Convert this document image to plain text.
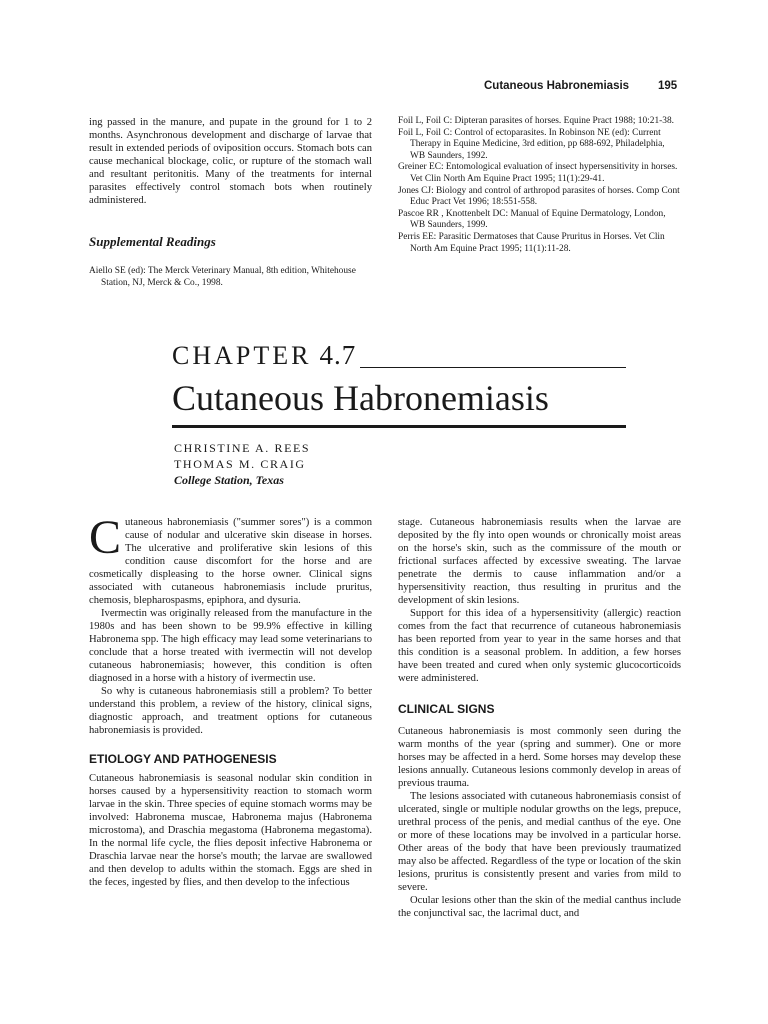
Cutaneous Habronemiasis	195

ing passed in the manure, and pupate in the ground for 1 to 2 months. Asynchronous development and discharge of larvae that result in extended periods of oviposition occurs. Stomach bots can cause mechanical blockage, colic, or rupture of the stomach wall and resultant peritonitis. Many of the treatments for internal parasites effectively control stomach bots when routinely administered.

Supplemental Readings

Aiello SE (ed): The Merck Veterinary Manual, 8th edition, Whitehouse Station, NJ, Merck & Co., 1998.

Foil L, Foil C: Dipteran parasites of horses. Equine Pract 1988; 10:21-38.

Foil L, Foil C: Control of ectoparasites. In Robinson NE (ed): Current Therapy in Equine Medicine, 3rd edition, pp 688-692, Philadelphia, WB Saunders, 1992.

Greiner EC: Entomological evaluation of insect hypersensitivity in horses. Vet Clin North Am Equine Pract 1995; 11(1):29-41.

Jones CJ: Biology and control of arthropod parasites of horses. Comp Cont Educ Pract Vet 1996; 18:551-558.

Pascoe RR , Knottenbelt DC: Manual of Equine Dermatology, London, WB Saunders, 1999.

Perris EE: Parasitic Dermatoses that Cause Pruritus in Horses. Vet Clin North Am Equine Pract 1995; 11(1):11-28.

CHAPTER 4.7
Cutaneous Habronemiasis
CHRISTINE A. REES
THOMAS M. CRAIG
College Station, Texas

Cutaneous habronemiasis ("summer sores") is a common cause of nodular and ulcerative skin disease in horses. The ulcerative and proliferative skin lesions of this condition cause discomfort for the horse and are cosmetically displeasing to the horse owner. Clinical signs associated with cutaneous habronemiasis include pruritus, chemosis, blepharospasms, epiphora, and dysuria.

Ivermectin was originally released from the manufacture in the 1980s and has been shown to be 99.9% effective in killing Habronema spp. The high efficacy may lead some veterinarians to conclude that a horse treated with ivermectin will not develop cutaneous habronemiasis; however, this condition is often diagnosed in a horse with a history of ivermectin use.

So why is cutaneous habronemiasis still a problem? To better understand this problem, a review of the history, clinical signs, diagnostic approach, and treatment options for cutaneous habronemiasis is provided.

ETIOLOGY AND PATHOGENESIS

Cutaneous habronemiasis is seasonal nodular skin condition in horses caused by a hypersensitivity reaction to stomach worm larvae in the skin. Three species of equine stomach worms may be involved: Habronema muscae, Habronema majus (Habronema microstoma), and Draschia megastoma (Habronema megastoma). In the normal life cycle, the flies deposit infective Habronema or Draschia larvae near the horse's mouth; the larvae are swallowed and then develop to adults within the stomach. Eggs are shed in the feces, ingested by flies, and then develop to the infectious

stage. Cutaneous habronemiasis results when the larvae are deposited by the fly into open wounds or chronically moist areas on the horse's skin, such as the commissure of the mouth or frictional surfaces affected by excessive sweating. The larvae penetrate the dermis to cause inflammation and/or a hypersensitivity reaction, thus resulting in pruritus and the development of skin lesions.

Support for this idea of a hypersensitivity (allergic) reaction comes from the fact that recurrence of cutaneous habronemiasis has been reported from year to year in the same horses and that this condition is a seasonal problem. In addition, a few horses have been treated and cured when only systemic glucocorticoids were administered.

CLINICAL SIGNS

Cutaneous habronemiasis is most commonly seen during the warm months of the year (spring and summer). One or more horses may be affected in a herd. Some horses may develop these lesions annually. Cutaneous lesions commonly develop in areas of previous trauma.

The lesions associated with cutaneous habronemiasis consist of ulcerated, single or multiple nodular growths on the legs, prepuce, urethral process of the penis, and medial canthus of the eye. One or more of these locations may be involved in a particular horse. Other areas of the body that have been previously traumatized may also be affected. Regardless of the type or location of the skin lesions, pruritus is consistently present and varies from mild to severe.

Ocular lesions other than the skin of the medial canthus include the conjunctival sac, the lacrimal duct, and
